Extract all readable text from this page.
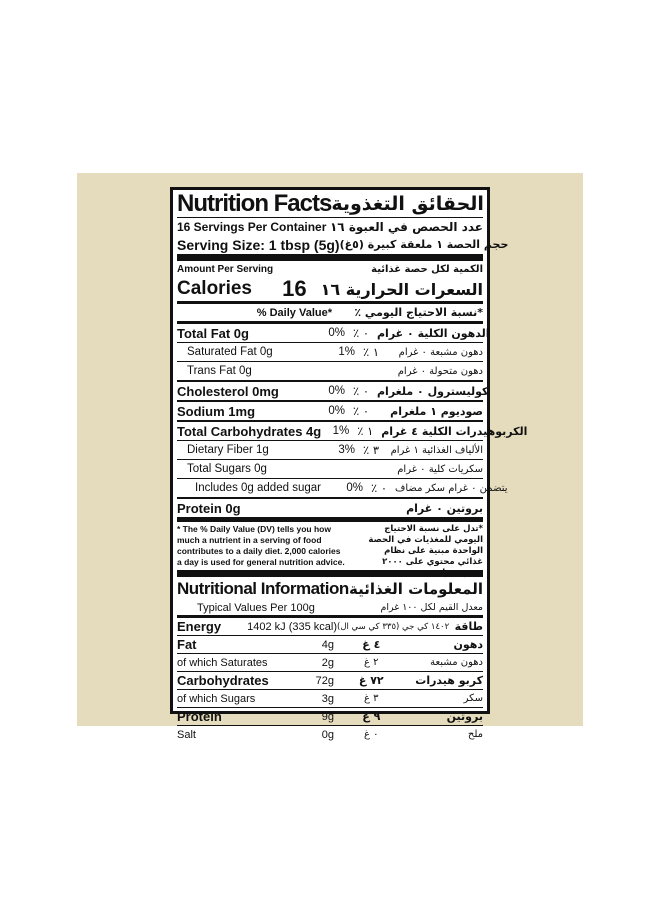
Nutrition Facts الحقائق التغذوية
16 Servings Per Container عدد الحصص في العبوة ١٦
Serving Size: 1 tbsp (5g) حجم الحصة ١ ملعقة كبيرة (٥غ)
Amount Per Serving	الكمية لكل حصة غذائية
Calories	16 السعرات الحرارية ١٦
% Daily Value*	*نسبة الاحتياج اليومي ٪
Total Fat 0g	0% ٪ ٠ الدهون الكلية ٠ غرام
Saturated Fat 0g	1% ٪ ١	دهون مشبعة ٠ غرام
Trans Fat 0g	دهون متحولة ٠ غرام
Cholesterol 0mg	0% ٪ ٠ كوليسترول ٠ ملغرام
Sodium 1mg	0% ٪ ٠	صوديوم ١ ملغرام
Total Carbohydrates 4g 1% ٪ ١ الكربوهيدرات الكلية ٤ غرام
Dietary Fiber 1g	3% ٪ ٣	الألياف الغذائية ١ غرام
Total Sugars 0g	سكريات كلية ٠ غرام
Includes 0g added sugar	0% ٪ ٠ يتضمن ٠ غرام سكر مضاف
Protein 0g	بروتين ٠ غرام
* The % Daily Value (DV) tells you how much a nutrient in a serving of food contributes to a daily diet. 2,000 calories a day is used for general nutrition advice.
*تدل على نسبة الاحتياج اليومي للمغذيات في الحصة الواحدة مبنية على نظام غذائي محتوي على ٢٠٠٠ سعرة حرارية.
Nutritional Information المعلومات الغذائية
Typical Values Per 100g	معدل القيم لكل ١٠٠ غرام
Energy	1402 kJ (335 kcal) ١٤٠٢ كي جي (٣٣٥ كي سي ال) طاقة
Fat	4g	٤ غ	دهون
of which Saturates	2g	٢ غ	دهون مشبعة
Carbohydrates	72g	٧٢ غ	كربو هيدرات
of which Sugars	3g	٣ غ	سكر
Protein	9g	٩ غ	بروتين
Salt	0g	٠ غ	ملح
